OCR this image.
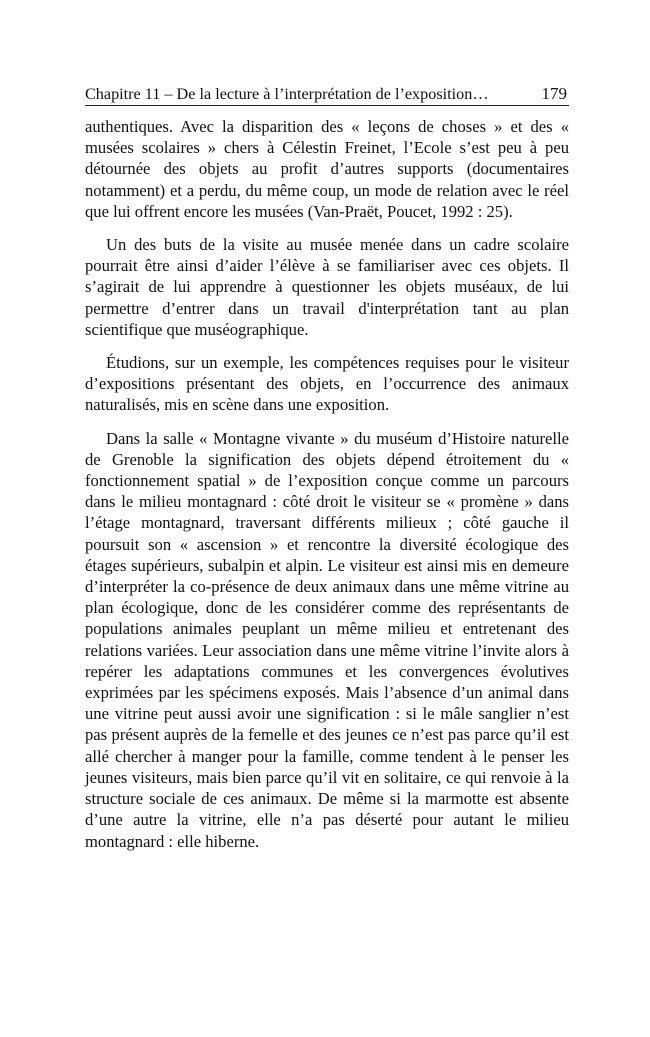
Chapitre 11 – De la lecture à l’interprétation de l’exposition…	179

authentiques. Avec la disparition des « leçons de choses » et des « musées scolaires » chers à Célestin Freinet, l’Ecole s’est peu à peu détournée des objets au profit d’autres supports (documentaires notamment) et a perdu, du même coup, un mode de relation avec le réel que lui offrent encore les musées (Van-Praët, Poucet, 1992 : 25).

Un des buts de la visite au musée menée dans un cadre scolaire pourrait être ainsi d’aider l’élève à se familiariser avec ces objets. Il s’agirait de lui apprendre à questionner les objets muséaux, de lui permettre d’entrer dans un travail d'interprétation tant au plan scientifique que muséographique.

Étudions, sur un exemple, les compétences requises pour le visiteur d’expositions présentant des objets, en l’occurrence des animaux naturalisés, mis en scène dans une exposition.

Dans la salle « Montagne vivante » du muséum d’Histoire naturelle de Grenoble la signification des objets dépend étroitement du « fonctionnement spatial » de l’exposition conçue comme un parcours dans le milieu montagnard : côté droit le visiteur se « promène » dans l’étage montagnard, traversant différents milieux ; côté gauche il poursuit son « ascension » et rencontre la diversité écologique des étages supérieurs, subalpin et alpin. Le visiteur est ainsi mis en demeure d’interpréter la co-présence de deux animaux dans une même vitrine au plan écologique, donc de les considérer comme des représentants de populations animales peuplant un même milieu et entretenant des relations variées. Leur association dans une même vitrine l’invite alors à repérer les adaptations communes et les convergences évolutives exprimées par les spécimens exposés. Mais l’absence d’un animal dans une vitrine peut aussi avoir une signification : si le mâle sanglier n’est pas présent auprès de la femelle et des jeunes ce n’est pas parce qu’il est allé chercher à manger pour la famille, comme tendent à le penser les jeunes visiteurs, mais bien parce qu’il vit en solitaire, ce qui renvoie à la structure sociale de ces animaux. De même si la marmotte est absente d’une autre la vitrine, elle n’a pas déserté pour autant le milieu montagnard : elle hiberne.
